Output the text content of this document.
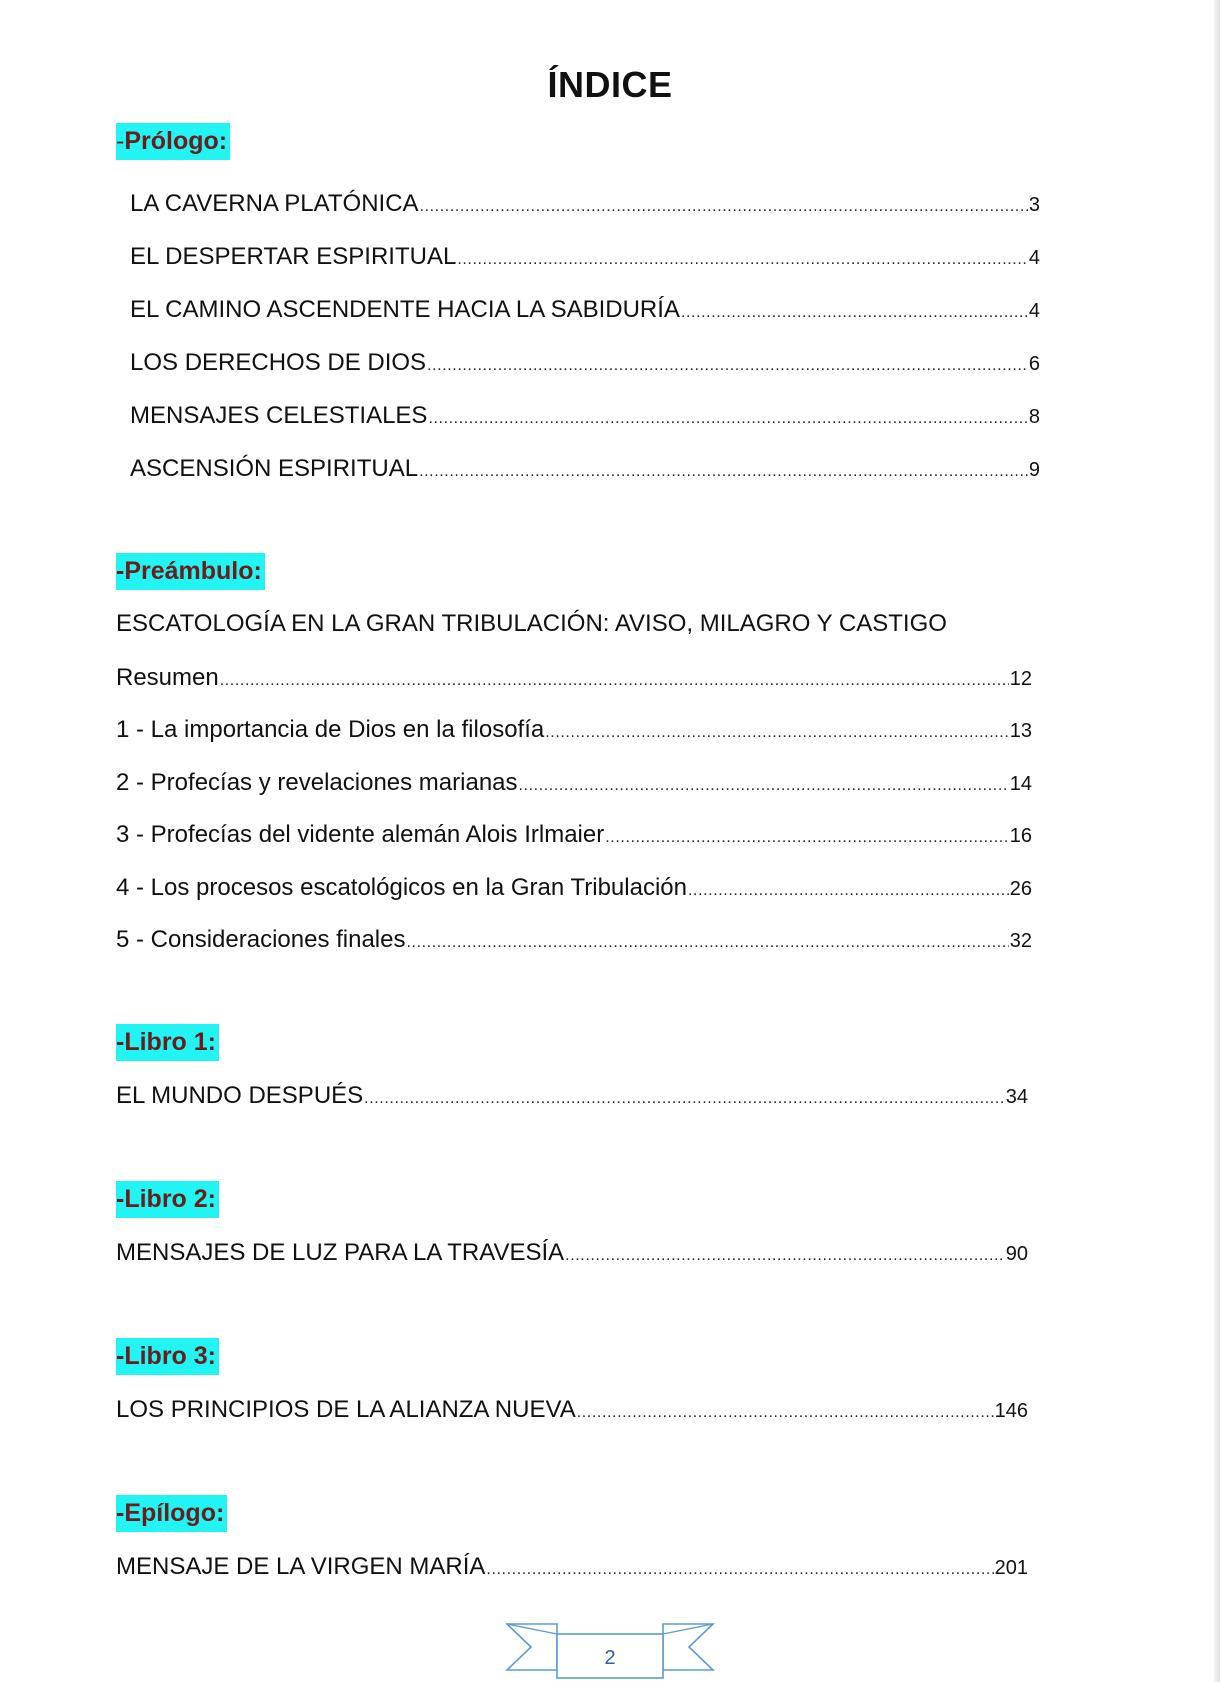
ÍNDICE
-Prólogo:
LA CAVERNA PLATÓNICA .....	3
EL DESPERTAR ESPIRITUAL .....	4
EL CAMINO ASCENDENTE HACIA LA SABIDURÍA .....	4
LOS DERECHOS DE DIOS .....	6
MENSAJES CELESTIALES .....	8
ASCENSIÓN ESPIRITUAL .....	9
-Preámbulo:
ESCATOLOGÍA EN LA GRAN TRIBULACIÓN: AVISO, MILAGRO Y CASTIGO
Resumen .....	12
1 - La importancia de Dios en la filosofía .....	13
2 - Profecías y revelaciones marianas .....	14
3 - Profecías del vidente alemán Alois Irlmaier .....	16
4 - Los procesos escatológicos en la Gran Tribulación .....	26
5 - Consideraciones finales .....	32
-Libro 1:
EL MUNDO DESPUÉS .....	34
-Libro 2:
MENSAJES DE LUZ PARA LA TRAVESÍA .....	90
-Libro 3:
LOS PRINCIPIOS DE LA ALIANZA NUEVA .....	146
-Epílogo:
MENSAJE DE LA VIRGEN MARÍA .....	201
2
